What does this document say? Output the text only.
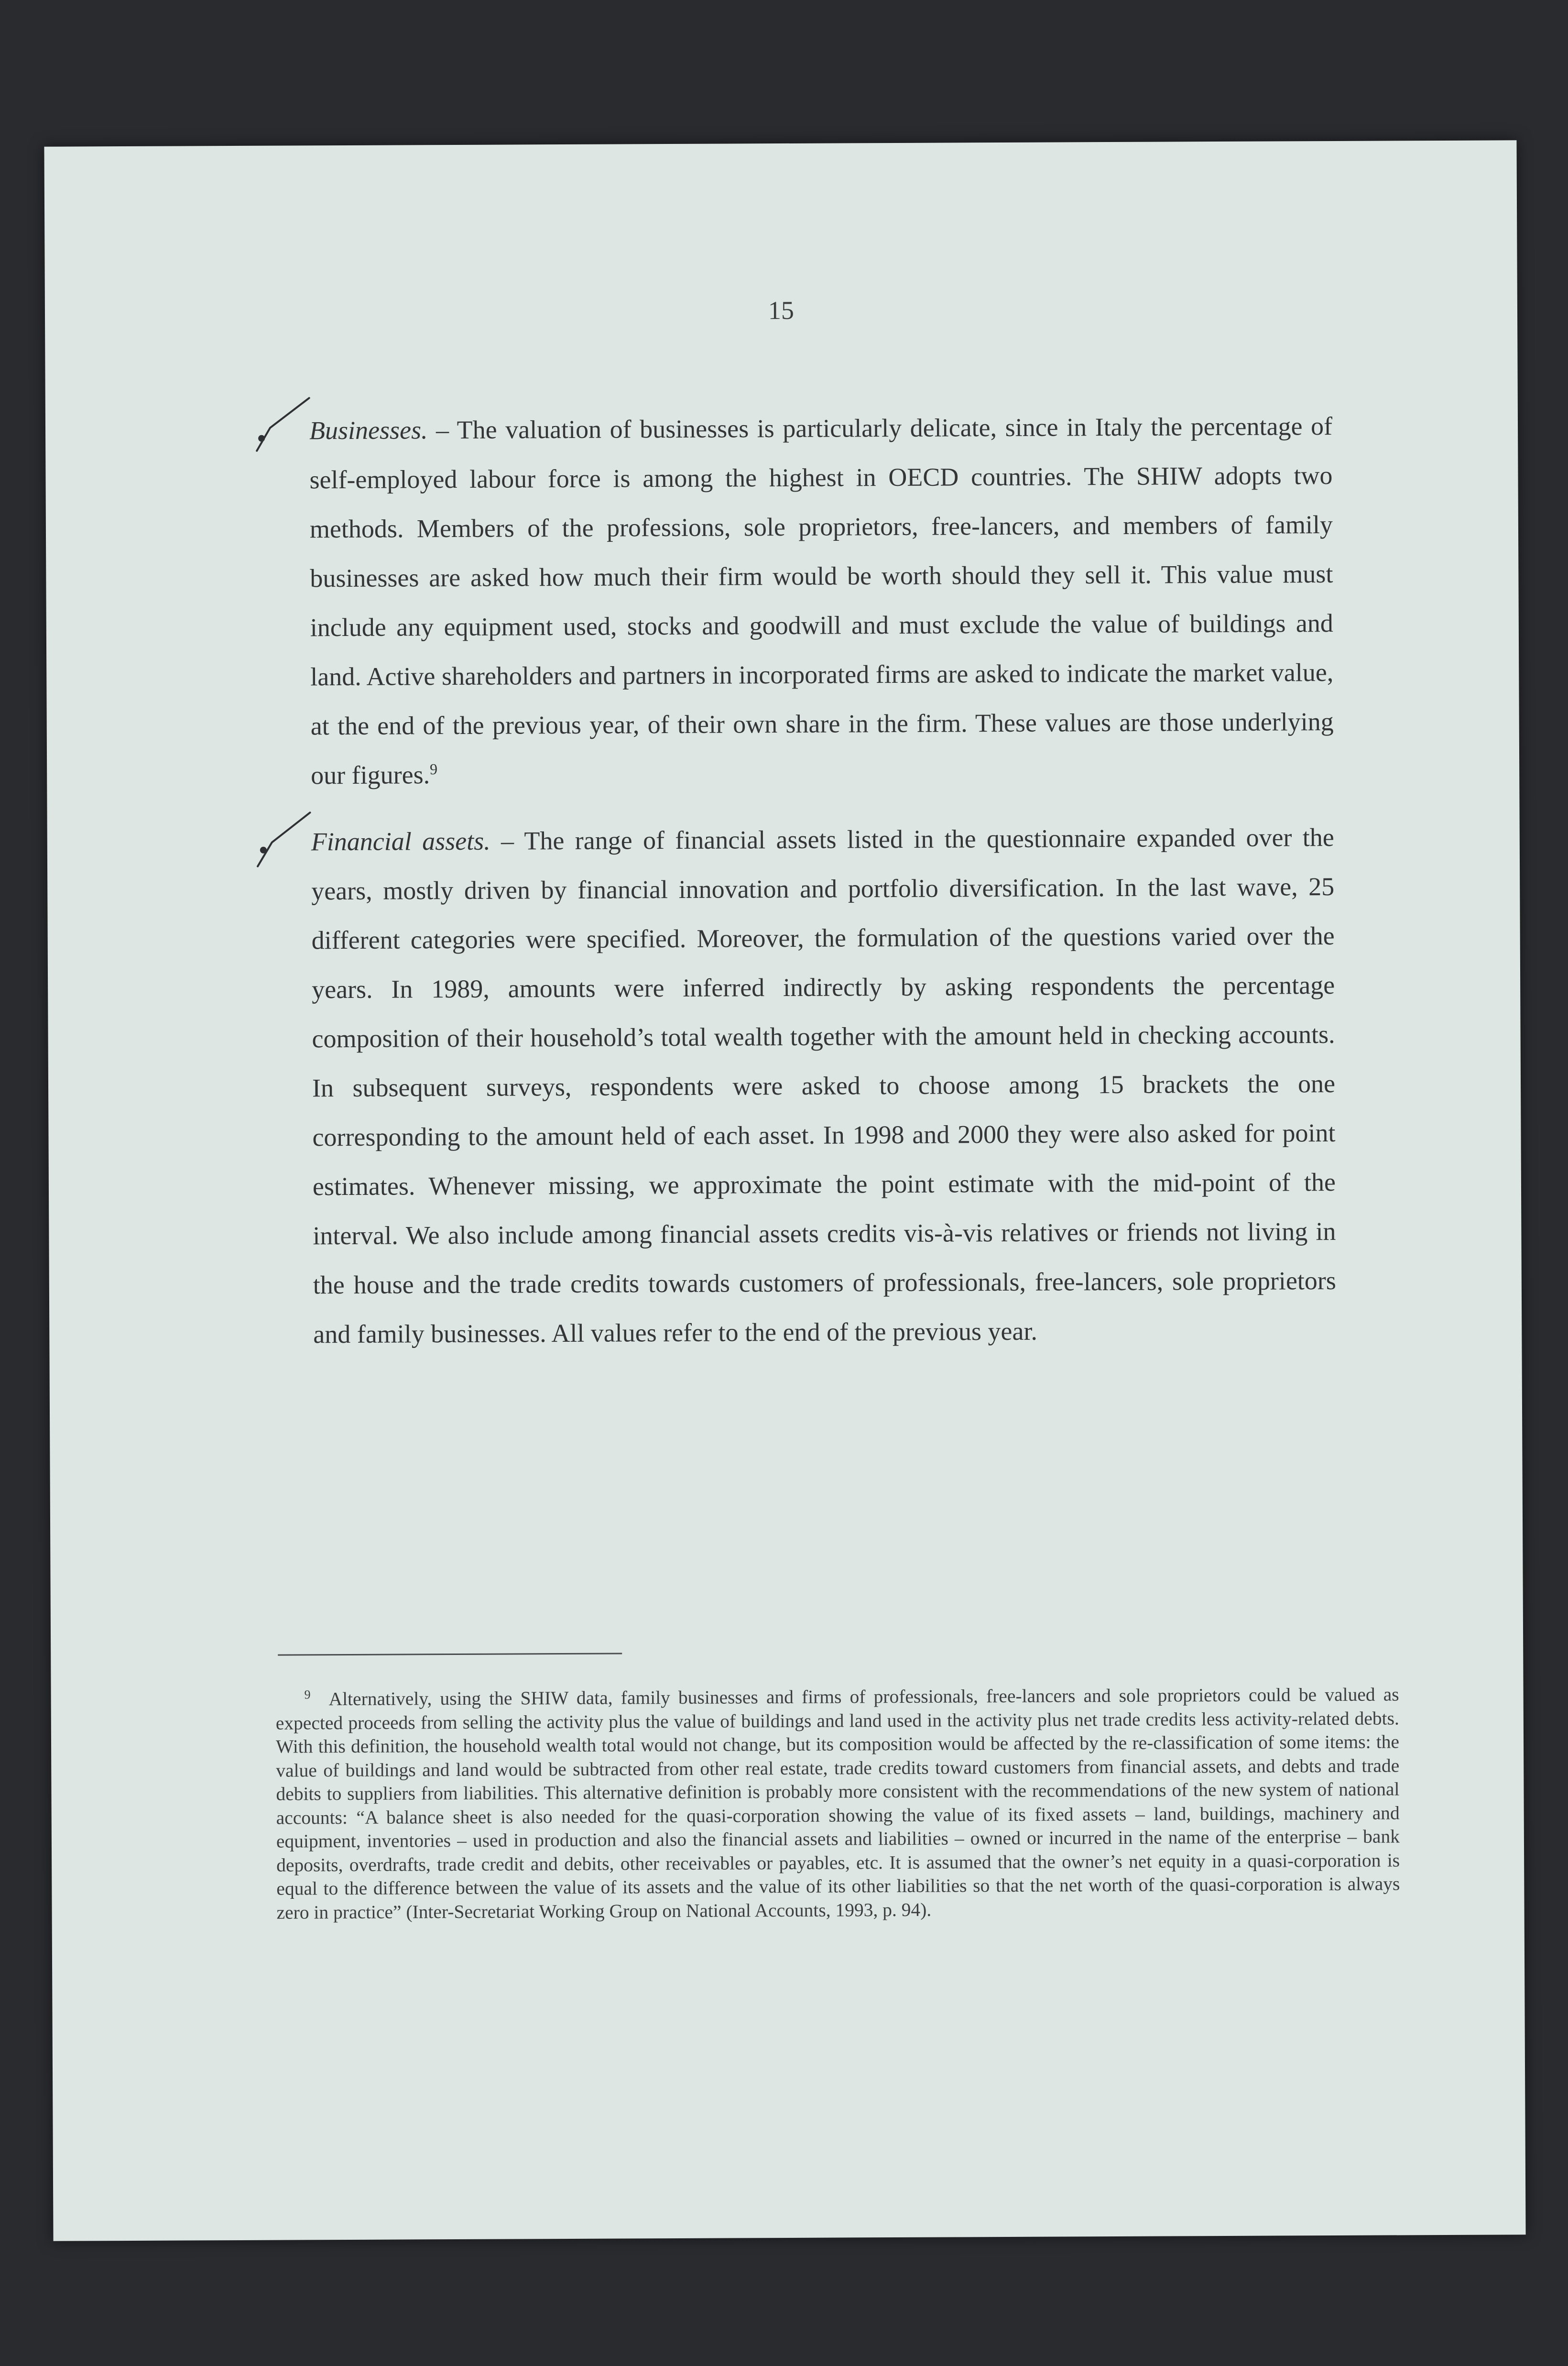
15
Businesses. – The valuation of businesses is particularly delicate, since in Italy the percentage of self-employed labour force is among the highest in OECD countries. The SHIW adopts two methods. Members of the professions, sole proprietors, free-lancers, and members of family businesses are asked how much their firm would be worth should they sell it. This value must include any equipment used, stocks and goodwill and must exclude the value of buildings and land. Active shareholders and partners in incorporated firms are asked to indicate the market value, at the end of the previous year, of their own share in the firm. These values are those underlying our figures.$^9$
Financial assets. – The range of financial assets listed in the questionnaire expanded over the years, mostly driven by financial innovation and portfolio diversification. In the last wave, 25 different categories were specified. Moreover, the formulation of the questions varied over the years. In 1989, amounts were inferred indirectly by asking respondents the percentage composition of their household’s total wealth together with the amount held in checking accounts. In subsequent surveys, respondents were asked to choose among 15 brackets the one corresponding to the amount held of each asset. In 1998 and 2000 they were also asked for point estimates. Whenever missing, we approximate the point estimate with the mid-point of the interval. We also include among financial assets credits vis-à-vis relatives or friends not living in the house and the trade credits towards customers of professionals, free-lancers, sole proprietors and family businesses. All values refer to the end of the previous year.
$^9$ Alternatively, using the SHIW data, family businesses and firms of professionals, free-lancers and sole proprietors could be valued as expected proceeds from selling the activity plus the value of buildings and land used in the activity plus net trade credits less activity-related debts. With this definition, the household wealth total would not change, but its composition would be affected by the re-classification of some items: the value of buildings and land would be subtracted from other real estate, trade credits toward customers from financial assets, and debts and trade debits to suppliers from liabilities. This alternative definition is probably more consistent with the recommendations of the new system of national accounts: “A balance sheet is also needed for the quasi-corporation showing the value of its fixed assets – land, buildings, machinery and equipment, inventories – used in production and also the financial assets and liabilities – owned or incurred in the name of the enterprise – bank deposits, overdrafts, trade credit and debits, other receivables or payables, etc. It is assumed that the owner’s net equity in a quasi-corporation is equal to the difference between the value of its assets and the value of its other liabilities so that the net worth of the quasi-corporation is always zero in practice” (Inter-Secretariat Working Group on National Accounts, 1993, p. 94).
